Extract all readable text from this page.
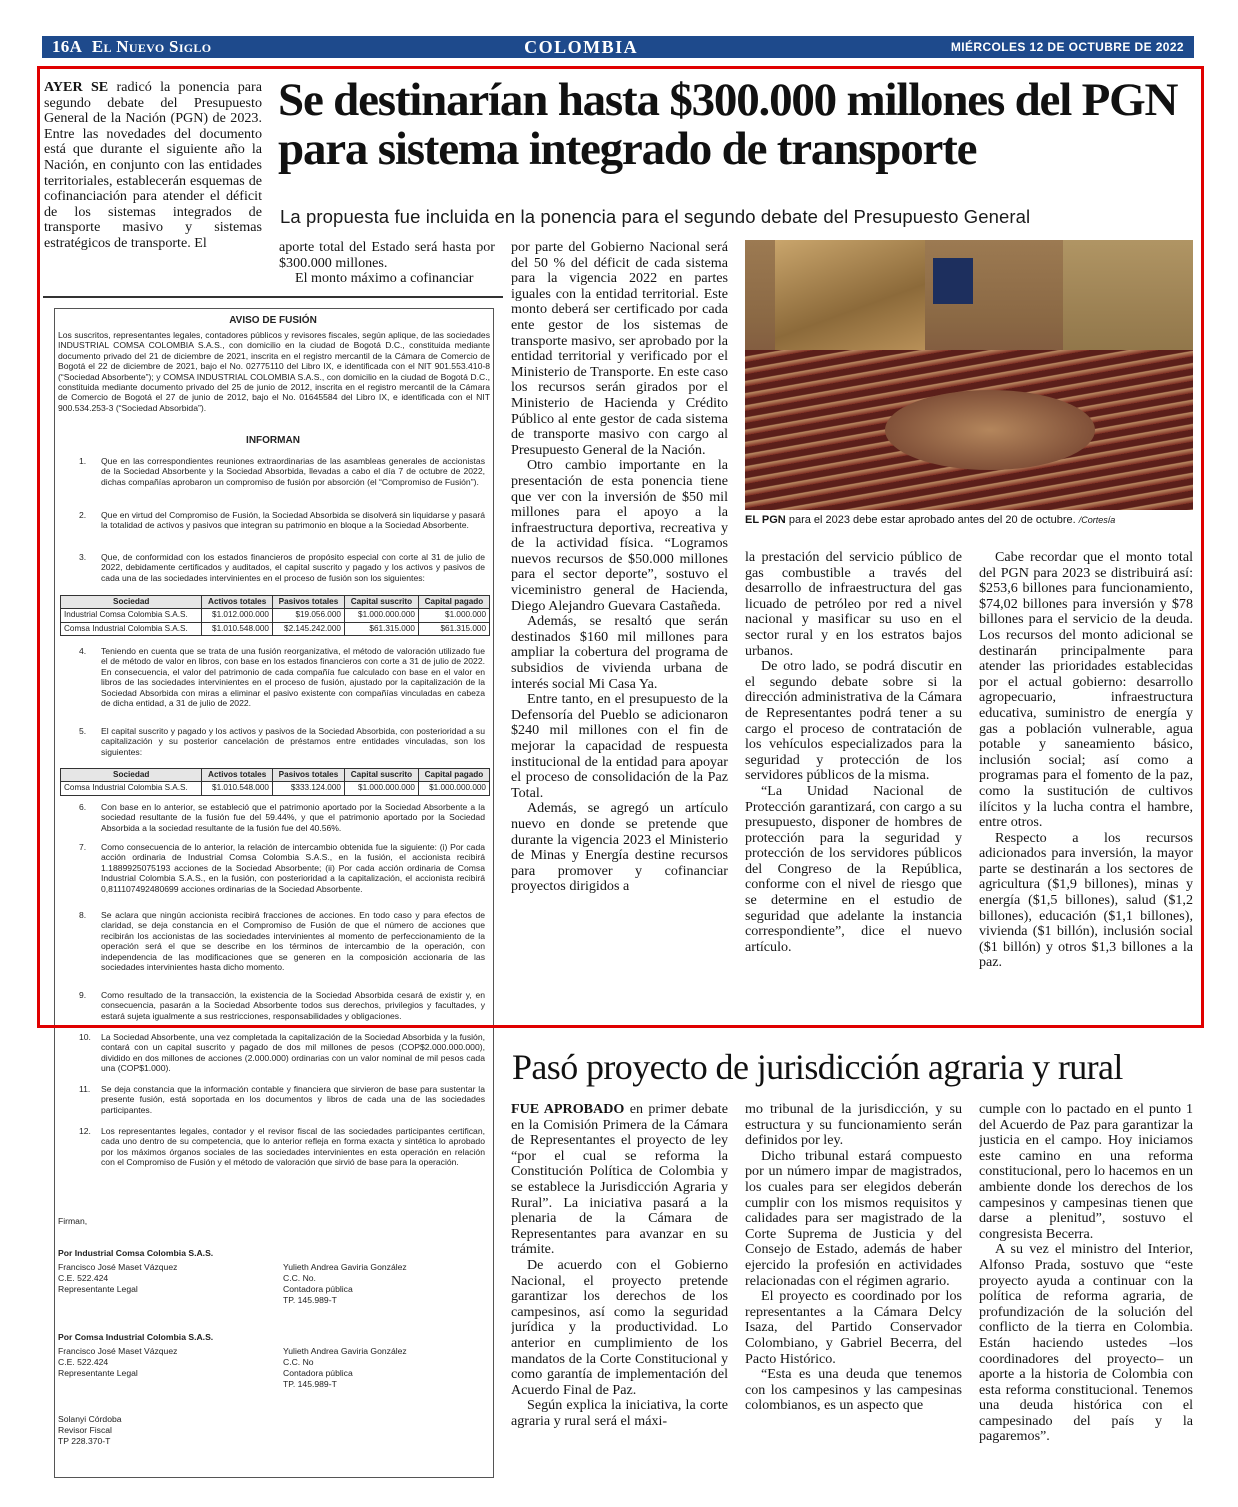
16A El Nuevo Siglo	COLOMBIA	MIÉRCOLES 12 DE OCTUBRE DE 2022

AYER SE radicó la ponencia para segundo debate del Presupuesto General de la Nación (PGN) de 2023. Entre las novedades del documento está que durante el siguiente año la Nación, en conjunto con las entidades territoriales, establecerán esquemas de cofinanciación para atender el déficit de los sistemas integrados de transporte masivo y sistemas estratégicos de transporte. El

Se destinarían hasta $300.000 millones del PGN para sistema integrado de transporte
La propuesta fue incluida en la ponencia para el segundo debate del Presupuesto General

aporte total del Estado será hasta por $300.000 millones.

El monto máximo a cofinanciar

por parte del Gobierno Nacional será del 50 % del déficit de cada sistema para la vigencia 2022 en partes iguales con la entidad territorial. Este monto deberá ser certificado por cada ente gestor de los sistemas de transporte masivo, ser aprobado por la entidad territorial y verificado por el Ministerio de Transporte. En este caso los recursos serán girados por el Ministerio de Hacienda y Crédito Público al ente gestor de cada sistema de transporte masivo con cargo al Presupuesto General de la Nación.

Otro cambio importante en la presentación de esta ponencia tiene que ver con la inversión de $50 mil millones para el apoyo a la infraestructura deportiva, recreativa y de la actividad física. “Logramos nuevos recursos de $50.000 millones para el sector deporte”, sostuvo el viceministro general de Hacienda, Diego Alejandro Guevara Castañeda.

Además, se resaltó que serán destinados $160 mil millones para ampliar la cobertura del programa de subsidios de vivienda urbana de interés social Mi Casa Ya.

Entre tanto, en el presupuesto de la Defensoría del Pueblo se adicionaron $240 mil millones con el fin de mejorar la capacidad de respuesta institucional de la entidad para apoyar el proceso de consolidación de la Paz Total.

Además, se agregó un artículo nuevo en donde se pretende que durante la vigencia 2023 el Ministerio de Minas y Energía destine recursos para promover y cofinanciar proyectos dirigidos a

EL PGN para el 2023 debe estar aprobado antes del 20 de octubre. /Cortesía

la prestación del servicio público de gas combustible a través del desarrollo de infraestructura del gas licuado de petróleo por red a nivel nacional y masificar su uso en el sector rural y en los estratos bajos urbanos.

De otro lado, se podrá discutir en el segundo debate sobre si la dirección administrativa de la Cámara de Representantes podrá tener a su cargo el proceso de contratación de los vehículos especializados para la seguridad y protección de los servidores públicos de la misma.

“La Unidad Nacional de Protección garantizará, con cargo a su presupuesto, disponer de hombres de protección para la seguridad y protección de los servidores públicos del Congreso de la República, conforme con el nivel de riesgo que se determine en el estudio de seguridad que adelante la instancia correspondiente”, dice el nuevo artículo.

Cabe recordar que el monto total del PGN para 2023 se distribuirá así: $253,6 billones para funcionamiento, $74,02 billones para inversión y $78 billones para el servicio de la deuda. Los recursos del monto adicional se destinarán principalmente para atender las prioridades establecidas por el actual gobierno: desarrollo agropecuario, infraestructura educativa, suministro de energía y gas a población vulnerable, agua potable y saneamiento básico, inclusión social; así como a programas para el fomento de la paz, como la sustitución de cultivos ilícitos y la lucha contra el hambre, entre otros.

Respecto a los recursos adicionados para inversión, la mayor parte se destinarán a los sectores de agricultura ($1,9 billones), minas y energía ($1,5 billones), salud ($1,2 billones), educación ($1,1 billones), vivienda ($1 billón), inclusión social ($1 billón) y otros $1,3 billones a la paz.

AVISO DE FUSIÓN
Los suscritos, representantes legales, contadores públicos y revisores fiscales, según aplique, de las sociedades INDUSTRIAL COMSA COLOMBIA S.A.S., con domicilio en la ciudad de Bogotá D.C., constituida mediante documento privado del 21 de diciembre de 2021, inscrita en el registro mercantil de la Cámara de Comercio de Bogotá el 22 de diciembre de 2021, bajo el No. 02775110 del Libro IX, e identificada con el NIT 901.553.410-8 (“Sociedad Absorbente”); y COMSA INDUSTRIAL COLOMBIA S.A.S., con domicilio en la ciudad de Bogotá D.C., constituida mediante documento privado del 25 de junio de 2012, inscrita en el registro mercantil de la Cámara de Comercio de Bogotá el 27 de junio de 2012, bajo el No. 01645584 del Libro IX, e identificada con el NIT 900.534.253-3 (“Sociedad Absorbida”).
INFORMAN
1. Que en las correspondientes reuniones extraordinarias de las asambleas generales de accionistas de la Sociedad Absorbente y la Sociedad Absorbida, llevadas a cabo el día 7 de octubre de 2022, dichas compañías aprobaron un compromiso de fusión por absorción (el “Compromiso de Fusión”).
2. Que en virtud del Compromiso de Fusión, la Sociedad Absorbida se disolverá sin liquidarse y pasará la totalidad de activos y pasivos que integran su patrimonio en bloque a la Sociedad Absorbente.
3. Que, de conformidad con los estados financieros de propósito especial con corte al 31 de julio de 2022, debidamente certificados y auditados, el capital suscrito y pagado y los activos y pasivos de cada una de las sociedades intervinientes en el proceso de fusión son los siguientes:
Sociedad	Activos totales	Pasivos totales	Capital suscrito	Capital pagado
Industrial Comsa Colombia S.A.S.	$1.012.000.000	$19.056.000	$1.000.000.000	$1.000.000
Comsa Industrial Colombia S.A.S.	$1.010.548.000	$2.145.242.000	$61.315.000	$61.315.000
4. Teniendo en cuenta que se trata de una fusión reorganizativa, el método de valoración utilizado fue el de método de valor en libros, con base en los estados financieros con corte a 31 de julio de 2022. En consecuencia, el valor del patrimonio de cada compañía fue calculado con base en el valor en libros de las sociedades intervinientes en el proceso de fusión, ajustado por la capitalización de la Sociedad Absorbida con miras a eliminar el pasivo existente con compañías vinculadas en cabeza de dicha entidad, a 31 de julio de 2022.
5. El capital suscrito y pagado y los activos y pasivos de la Sociedad Absorbida, con posterioridad a su capitalización y su posterior cancelación de préstamos entre entidades vinculadas, son los siguientes:
Sociedad	Activos totales	Pasivos totales	Capital suscrito	Capital pagado
Comsa Industrial Colombia S.A.S.	$1.010.548.000	$333.124.000	$1.000.000.000	$1.000.000.000
6. Con base en lo anterior, se estableció que el patrimonio aportado por la Sociedad Absorbente a la sociedad resultante de la fusión fue del 59.44%, y que el patrimonio aportado por la Sociedad Absorbida a la sociedad resultante de la fusión fue del 40.56%.
7. Como consecuencia de lo anterior, la relación de intercambio obtenida fue la siguiente: (i) Por cada acción ordinaria de Industrial Comsa Colombia S.A.S., en la fusión, el accionista recibirá 1.1889925075193 acciones de la Sociedad Absorbente; (ii) Por cada acción ordinaria de Comsa Industrial Colombia S.A.S., en la fusión, con posterioridad a la capitalización, el accionista recibirá 0,811107492480699 acciones ordinarias de la Sociedad Absorbente.
8. Se aclara que ningún accionista recibirá fracciones de acciones. En todo caso y para efectos de claridad, se deja constancia en el Compromiso de Fusión de que el número de acciones que recibirán los accionistas de las sociedades intervinientes al momento de perfeccionamiento de la operación será el que se describe en los términos de intercambio de la operación, con independencia de las modificaciones que se generen en la composición accionaria de las sociedades intervinientes hasta dicho momento.
9. Como resultado de la transacción, la existencia de la Sociedad Absorbida cesará de existir y, en consecuencia, pasarán a la Sociedad Absorbente todos sus derechos, privilegios y facultades, y estará sujeta igualmente a sus restricciones, responsabilidades y obligaciones.
10. La Sociedad Absorbente, una vez completada la capitalización de la Sociedad Absorbida y la fusión, contará con un capital suscrito y pagado de dos mil millones de pesos (COP$2.000.000.000), dividido en dos millones de acciones (2.000.000) ordinarias con un valor nominal de mil pesos cada una (COP$1.000).
11. Se deja constancia que la información contable y financiera que sirvieron de base para sustentar la presente fusión, está soportada en los documentos y libros de cada una de las sociedades participantes.
12. Los representantes legales, contador y el revisor fiscal de las sociedades participantes certifican, cada uno dentro de su competencia, que lo anterior refleja en forma exacta y sintética lo aprobado por los máximos órganos sociales de las sociedades intervinientes en esta operación en relación con el Compromiso de Fusión y el método de valoración que sirvió de base para la operación.
Firman,
Por Industrial Comsa Colombia S.A.S.
Francisco José Maset Vázquez
C.E. 522.424
Representante Legal
Yulieth Andrea Gaviria González
C.C. No.
Contadora pública
TP. 145.989-T
Por Comsa Industrial Colombia S.A.S.
Francisco José Maset Vázquez
C.E. 522.424
Representante Legal
Yulieth Andrea Gaviria González
C.C. No
Contadora pública
TP. 145.989-T
Solanyi Córdoba
Revisor Fiscal
TP 228.370-T
Pasó proyecto de jurisdicción agraria y rural

FUE APROBADO en primer debate en la Comisión Primera de la Cámara de Representantes el proyecto de ley “por el cual se reforma la Constitución Política de Colombia y se establece la Jurisdicción Agraria y Rural”. La iniciativa pasará a la plenaria de la Cámara de Representantes para avanzar en su trámite.

De acuerdo con el Gobierno Nacional, el proyecto pretende garantizar los derechos de los campesinos, así como la seguridad jurídica y la productividad. Lo anterior en cumplimiento de los mandatos de la Corte Constitucional y como garantía de implementación del Acuerdo Final de Paz.

Según explica la iniciativa, la corte agraria y rural será el máxi-

mo tribunal de la jurisdicción, y su estructura y su funcionamiento serán definidos por ley.

Dicho tribunal estará compuesto por un número impar de magistrados, los cuales para ser elegidos deberán cumplir con los mismos requisitos y calidades para ser magistrado de la Corte Suprema de Justicia y del Consejo de Estado, además de haber ejercido la profesión en actividades relacionadas con el régimen agrario.

El proyecto es coordinado por los representantes a la Cámara Delcy Isaza, del Partido Conservador Colombiano, y Gabriel Becerra, del Pacto Histórico.

“Esta es una deuda que tenemos con los campesinos y las campesinas colombianos, es un aspecto que

cumple con lo pactado en el punto 1 del Acuerdo de Paz para garantizar la justicia en el campo. Hoy iniciamos este camino en una reforma constitucional, pero lo hacemos en un ambiente donde los derechos de los campesinos y campesinas tienen que darse a plenitud”, sostuvo el congresista Becerra.

A su vez el ministro del Interior, Alfonso Prada, sostuvo que “este proyecto ayuda a continuar con la política de reforma agraria, de profundización de la solución del conflicto de la tierra en Colombia. Están haciendo ustedes –los coordinadores del proyecto– un aporte a la historia de Colombia con esta reforma constitucional. Tenemos una deuda histórica con el campesinado del país y la pagaremos”.
